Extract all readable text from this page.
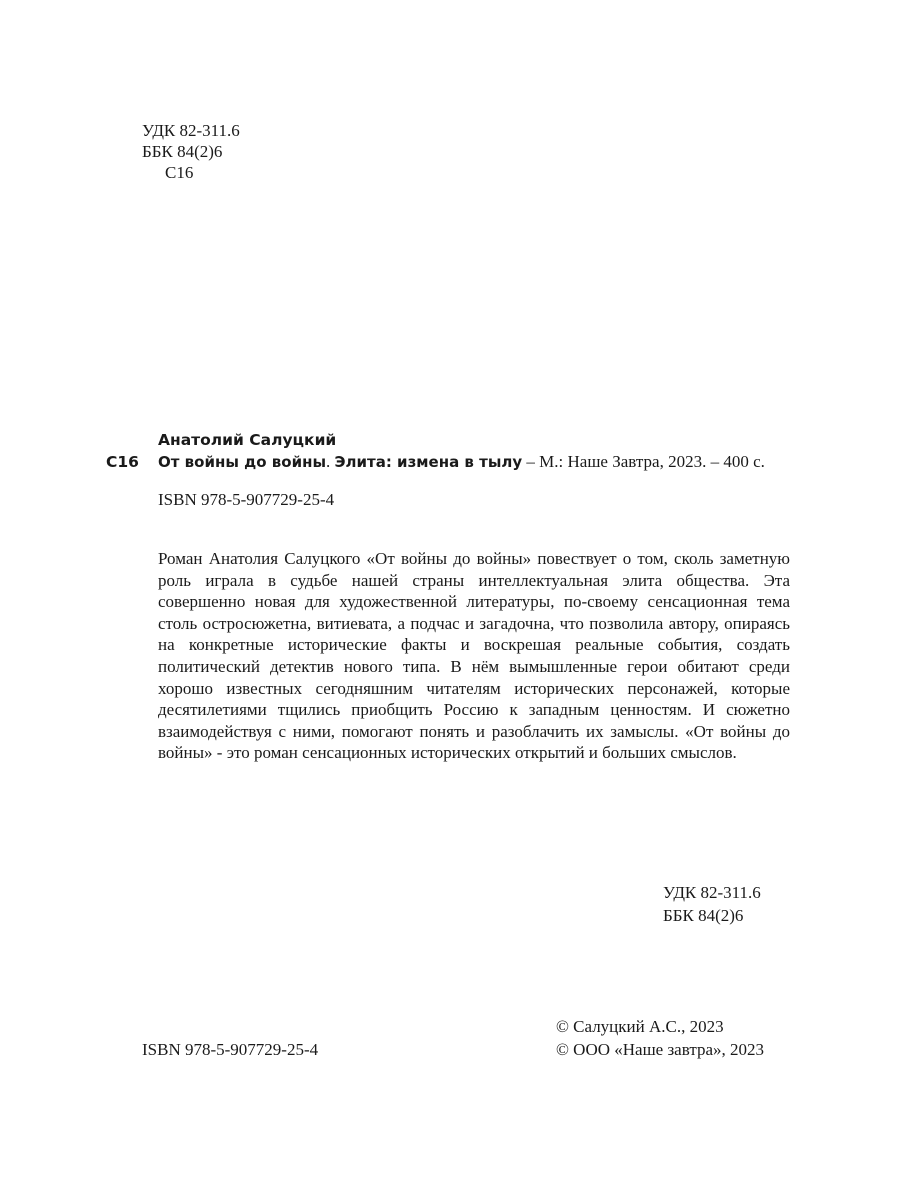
УДК 82-311.6
ББК 84(2)6
С16
Анатолий Салуцкий
С16 От войны до войны. Элита: измена в тылу – М.: Наше Завтра, 2023. – 400 с.
ISBN 978-5-907729-25-4

Роман Анатолия Салуцкого «От войны до войны» повествует о том, сколь заметную роль играла в судьбе нашей страны интеллектуальная элита общества. Эта совершенно новая для художественной литературы, по-своему сенсационная тема столь остросюжетна, витиевата, а подчас и загадочна, что позволила автору, опираясь на конкретные исторические факты и воскрешая реальные события, создать политический детектив нового типа. В нём вымышленные герои обитают среди хорошо известных сегодняшним читателям исторических персонажей, которые десятилетиями тщились приобщить Россию к западным ценностям. И сюжетно взаимодействуя с ними, помогают понять и разоблачить их замыслы. «От войны до войны» - это роман сенсационных исторических открытий и больших смыслов.

УДК 82-311.6
ББК 84(2)6
© Салуцкий А.С., 2023
© ООО «Наше завтра», 2023
ISBN 978-5-907729-25-4
